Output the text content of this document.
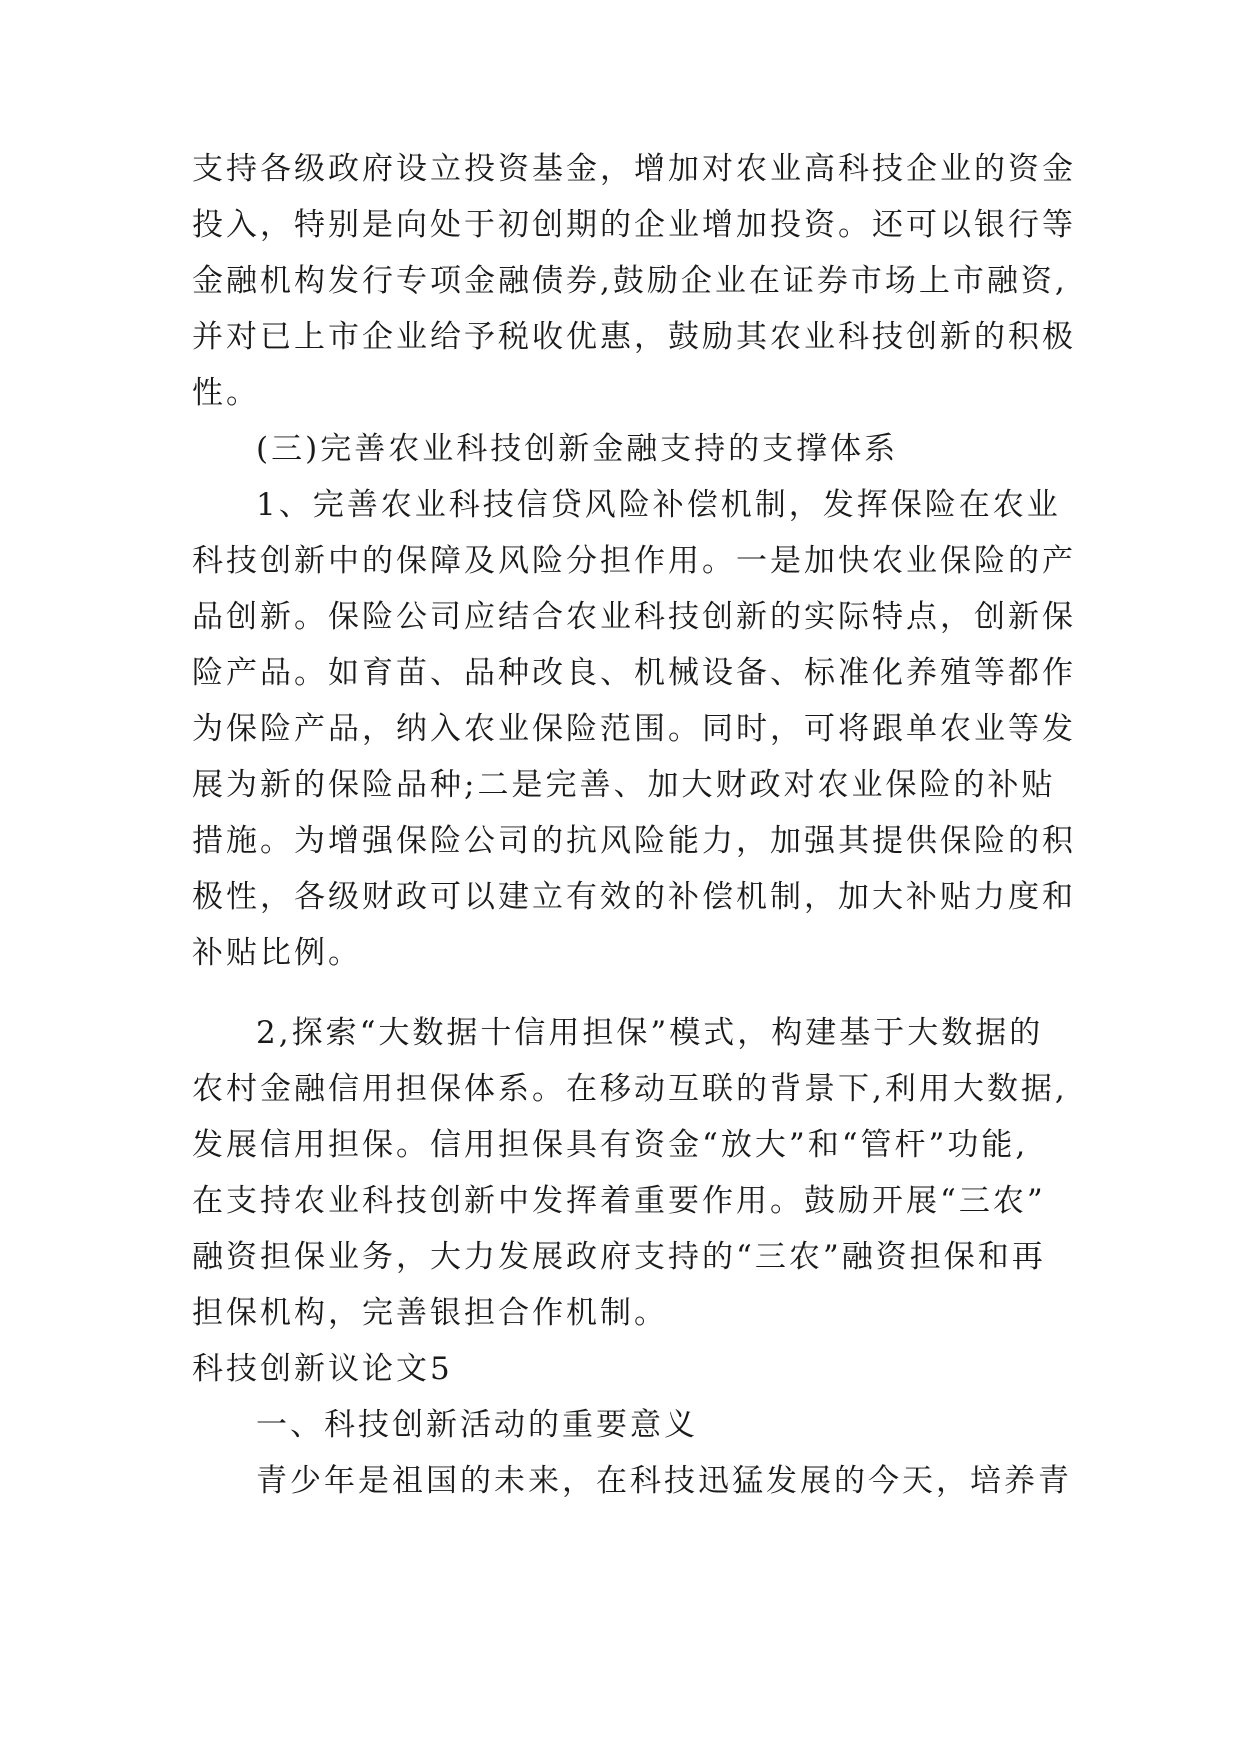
支持各级政府设立投资基金，增加对农业高科技企业的资金
投入，特别是向处于初创期的企业增加投资。还可以银行等
金融机构发行专项金融债券,鼓励企业在证券市场上市融资,
并对已上市企业给予税收优惠，鼓励其农业科技创新的积极
性。
(三)完善农业科技创新金融支持的支撑体系
1、完善农业科技信贷风险补偿机制，发挥保险在农业
科技创新中的保障及风险分担作用。一是加快农业保险的产
品创新。保险公司应结合农业科技创新的实际特点，创新保
险产品。如育苗、品种改良、机械设备、标准化养殖等都作
为保险产品，纳入农业保险范围。同时，可将跟单农业等发
展为新的保险品种;二是完善、加大财政对农业保险的补贴
措施。为增强保险公司的抗风险能力，加强其提供保险的积
极性，各级财政可以建立有效的补偿机制，加大补贴力度和
补贴比例。
2,探索“大数据十信用担保”模式，构建基于大数据的
农村金融信用担保体系。在移动互联的背景下,利用大数据,
发展信用担保。信用担保具有资金“放大”和“管杆”功能,
在支持农业科技创新中发挥着重要作用。鼓励开展“三农”
融资担保业务，大力发展政府支持的“三农”融资担保和再
担保机构，完善银担合作机制。
科技创新议论文5
一、科技创新活动的重要意义
青少年是祖国的未来，在科技迅猛发展的今天，培养青
